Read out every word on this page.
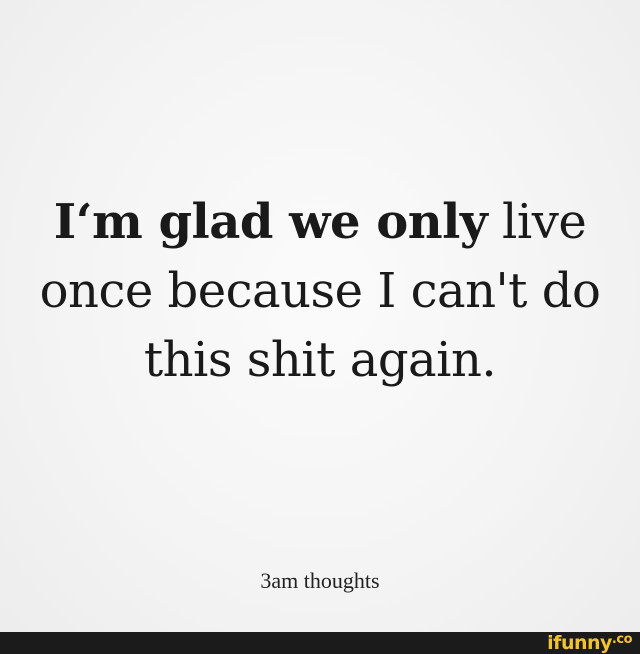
I‘m glad we only live
once because I can't do
this shit again.
3am thoughts
ifunny$^{.co}$
